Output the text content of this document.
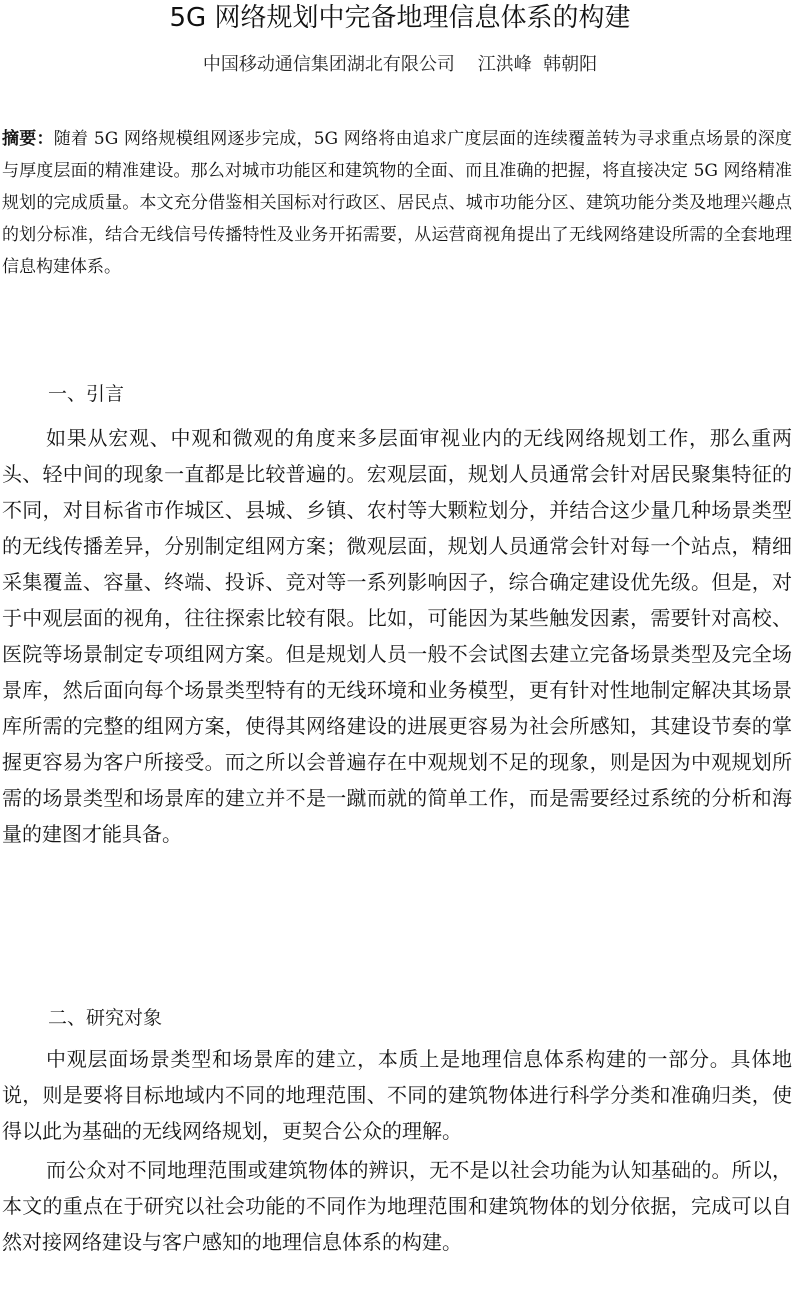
5G 网络规划中完备地理信息体系的构建
中国移动通信集团湖北有限公司    江洪峰  韩朝阳

摘要：随着 5G 网络规模组网逐步完成，5G 网络将由追求广度层面的连续覆盖转为寻求重点场景的深度与厚度层面的精准建设。那么对城市功能区和建筑物的全面、而且准确的把握，将直接决定 5G 网络精准规划的完成质量。本文充分借鉴相关国标对行政区、居民点、城市功能分区、建筑功能分类及地理兴趣点的划分标准，结合无线信号传播特性及业务开拓需要，从运营商视角提出了无线网络建设所需的全套地理信息构建体系。

一、引言

如果从宏观、中观和微观的角度来多层面审视业内的无线网络规划工作，那么重两头、轻中间的现象一直都是比较普遍的。宏观层面，规划人员通常会针对居民聚集特征的不同，对目标省市作城区、县城、乡镇、农村等大颗粒划分，并结合这少量几种场景类型的无线传播差异，分别制定组网方案；微观层面，规划人员通常会针对每一个站点，精细采集覆盖、容量、终端、投诉、竞对等一系列影响因子，综合确定建设优先级。但是，对于中观层面的视角，往往探索比较有限。比如，可能因为某些触发因素，需要针对高校、医院等场景制定专项组网方案。但是规划人员一般不会试图去建立完备场景类型及完全场景库，然后面向每个场景类型特有的无线环境和业务模型，更有针对性地制定解决其场景库所需的完整的组网方案，使得其网络建设的进展更容易为社会所感知，其建设节奏的掌握更容易为客户所接受。而之所以会普遍存在中观规划不足的现象，则是因为中观规划所需的场景类型和场景库的建立并不是一蹴而就的简单工作，而是需要经过系统的分析和海量的建图才能具备。

二、研究对象

中观层面场景类型和场景库的建立，本质上是地理信息体系构建的一部分。具体地说，则是要将目标地域内不同的地理范围、不同的建筑物体进行科学分类和准确归类，使得以此为基础的无线网络规划，更契合公众的理解。

而公众对不同地理范围或建筑物体的辨识，无不是以社会功能为认知基础的。所以，本文的重点在于研究以社会功能的不同作为地理范围和建筑物体的划分依据，完成可以自然对接网络建设与客户感知的地理信息体系的构建。
